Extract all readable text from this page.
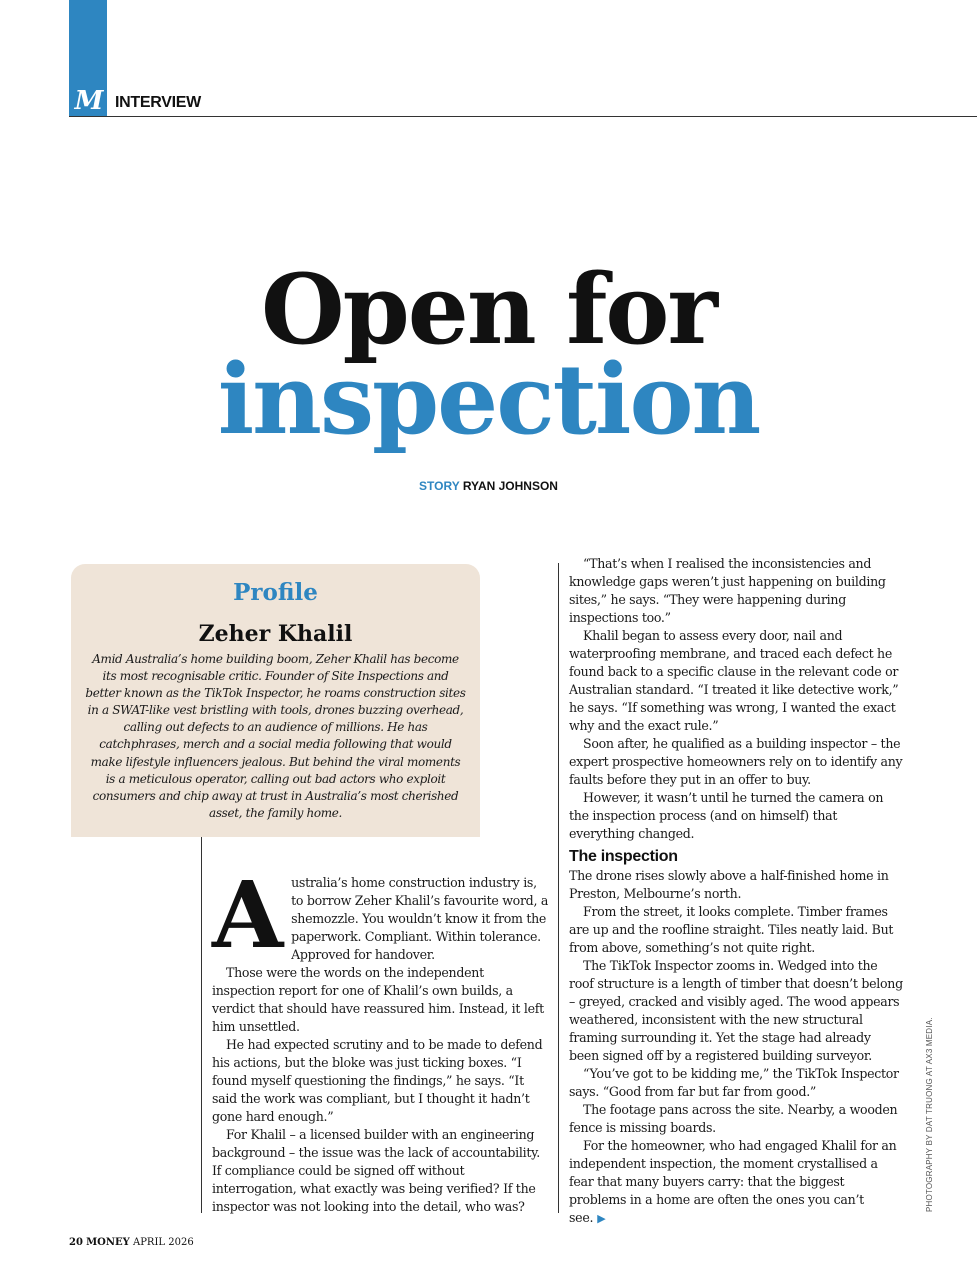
M INTERVIEW
Open for
inspection
STORY RYAN JOHNSON
Profile
Zeher Khalil
Amid Australia’s home building boom, Zeher Khalil has become its most recognisable critic. Founder of Site Inspections and better known as the TikTok Inspector, he roams construction sites in a SWAT-like vest bristling with tools, drones buzzing overhead, calling out defects to an audience of millions. He has catchphrases, merch and a social media following that would make lifestyle influencers jealous. But behind the viral moments is a meticulous operator, calling out bad actors who exploit consumers and chip away at trust in Australia’s most cherished asset, the family home.

Australia’s home construction industry is, to borrow Zeher Khalil’s favourite word, a shemozzle. You wouldn’t know it from the paperwork. Compliant. Within tolerance. Approved for handover.

Those were the words on the independent inspection report for one of Khalil’s own builds, a verdict that should have reassured him. Instead, it left him unsettled.

He had expected scrutiny and to be made to defend his actions, but the bloke was just ticking boxes. “I found myself questioning the findings,” he says. “It said the work was compliant, but I thought it hadn’t gone hard enough.”

For Khalil – a licensed builder with an engineering background – the issue was the lack of accountability. If compliance could be signed off without interrogation, what exactly was being verified? If the inspector was not looking into the detail, who was?

“That’s when I realised the inconsistencies and knowledge gaps weren’t just happening on building sites,” he says. “They were happening during inspections too.”

Khalil began to assess every door, nail and waterproofing membrane, and traced each defect he found back to a specific clause in the relevant code or Australian standard. “I treated it like detective work,” he says. “If something was wrong, I wanted the exact why and the exact rule.”

Soon after, he qualified as a building inspector – the expert prospective homeowners rely on to identify any faults before they put in an offer to buy.

However, it wasn’t until he turned the camera on the inspection process (and on himself) that everything changed.

The inspection

The drone rises slowly above a half-finished home in Preston, Melbourne’s north.

From the street, it looks complete. Timber frames are up and the roofline straight. Tiles neatly laid. But from above, something’s not quite right.

The TikTok Inspector zooms in. Wedged into the roof structure is a length of timber that doesn’t belong – greyed, cracked and visibly aged. The wood appears weathered, inconsistent with the new structural framing surrounding it. Yet the stage had already been signed off by a registered building surveyor.

“You’ve got to be kidding me,” the TikTok Inspector says. “Good from far but far from good.”

The footage pans across the site. Nearby, a wooden fence is missing boards.

For the homeowner, who had engaged Khalil for an independent inspection, the moment crystallised a fear that many buyers carry: that the biggest problems in a home are often the ones you can’t see. ▶

PHOTOGRAPHY BY DAT TRUONG AT AX3 MEDIA.
20 MONEY APRIL 2026
